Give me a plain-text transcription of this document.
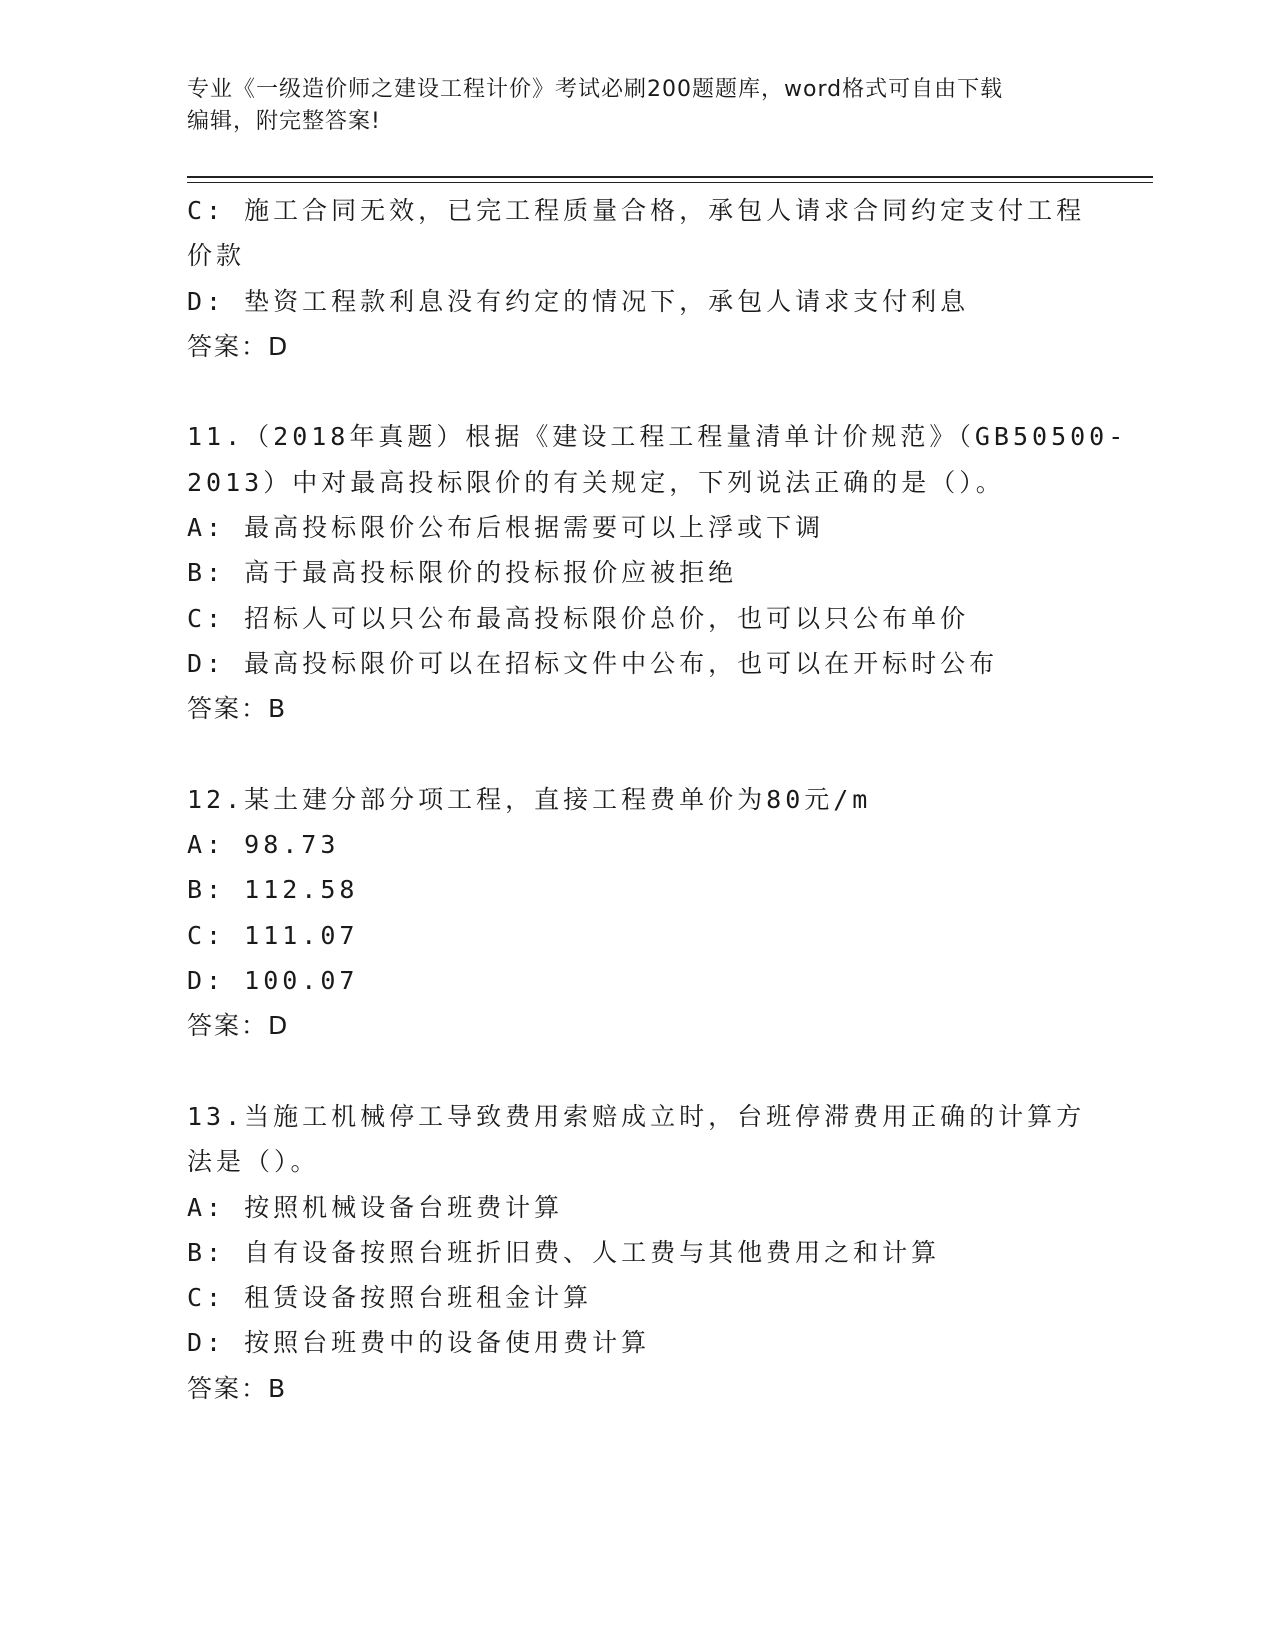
专业《一级造价师之建设工程计价》考试必刷200题题库，word格式可自由下载
编辑，附完整答案!
C: 施工合同无效，已完工程质量合格，承包人请求合同约定支付工程
价款
D: 垫资工程款利息没有约定的情况下，承包人请求支付利息
答案：D
11.（2018年真题）根据《建设工程工程量清单计价规范》（GB50500-
2013）中对最高投标限价的有关规定，下列说法正确的是（）。
A: 最高投标限价公布后根据需要可以上浮或下调
B: 高于最高投标限价的投标报价应被拒绝
C: 招标人可以只公布最高投标限价总价，也可以只公布单价
D: 最高投标限价可以在招标文件中公布，也可以在开标时公布
答案：B
12.某土建分部分项工程，直接工程费单价为80元/m
A: 98.73
B: 112.58
C: 111.07
D: 100.07
答案：D
13.当施工机械停工导致费用索赔成立时，台班停滞费用正确的计算方
法是（）。
A: 按照机械设备台班费计算
B: 自有设备按照台班折旧费、人工费与其他费用之和计算
C: 租赁设备按照台班租金计算
D: 按照台班费中的设备使用费计算
答案：B
